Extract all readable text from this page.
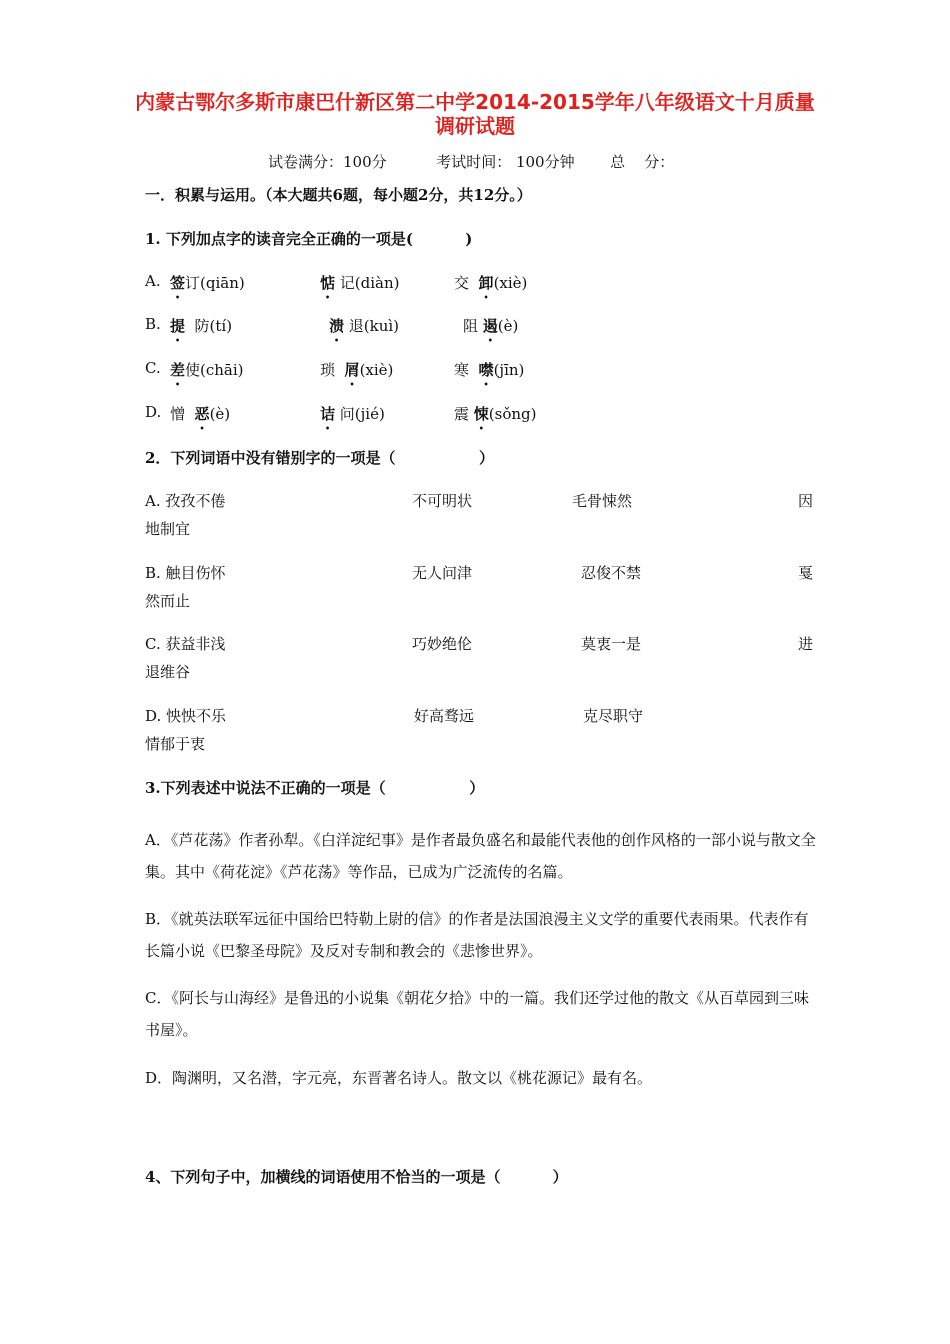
内蒙古鄂尔多斯市康巴什新区第二中学2014-2015学年八年级语文十月质量调研试题
试卷满分：100分	考试时间： 100分钟 总    分：
一．积累与运用。（本大题共6题，每小题2分，共12分。）
1. 下列加点字的读音完全正确的一项是(          )
A. 签订(qiān)	惦 记(diàn)	交  卸(xiè)
B. 提  防(tí)	溃 退(kuì)	阻 遏(è)
C. 差使(chāi)	琐  屑(xiè)	寒  噤(jīn)
D. 憎  恶(è)	诘 问(jié)	震 悚(sǒng)
2．下列词语中没有错别字的一项是（                ）
A. 孜孜不倦	不可明状	毛骨悚然	因
地制宜
B. 触目伤怀	无人问津	忍俊不禁	戛
然而止
C. 获益非浅	巧妙绝伦	莫衷一是	进
退维谷
D. 怏怏不乐	好高骛远	克尽职守
情郁于衷
3.下列表述中说法不正确的一项是（                ）
A．《芦花荡》作者孙犁。《白洋淀纪事》是作者最负盛名和最能代表他的创作风格的一部小说与散文全集。其中《荷花淀》《芦花荡》等作品，已成为广泛流传的名篇。
B．《就英法联军远征中国给巴特勒上尉的信》的作者是法国浪漫主义文学的重要代表雨果。代表作有长篇小说《巴黎圣母院》及反对专制和教会的《悲惨世界》。
C．《阿长与山海经》是鲁迅的小说集《朝花夕拾》中的一篇。我们还学过他的散文《从百草园到三味书屋》。
D．陶渊明，又名潜，字元亮，东晋著名诗人。散文以《桃花源记》最有名。
4、下列句子中，加横线的词语使用不恰当的一项是（          ）
